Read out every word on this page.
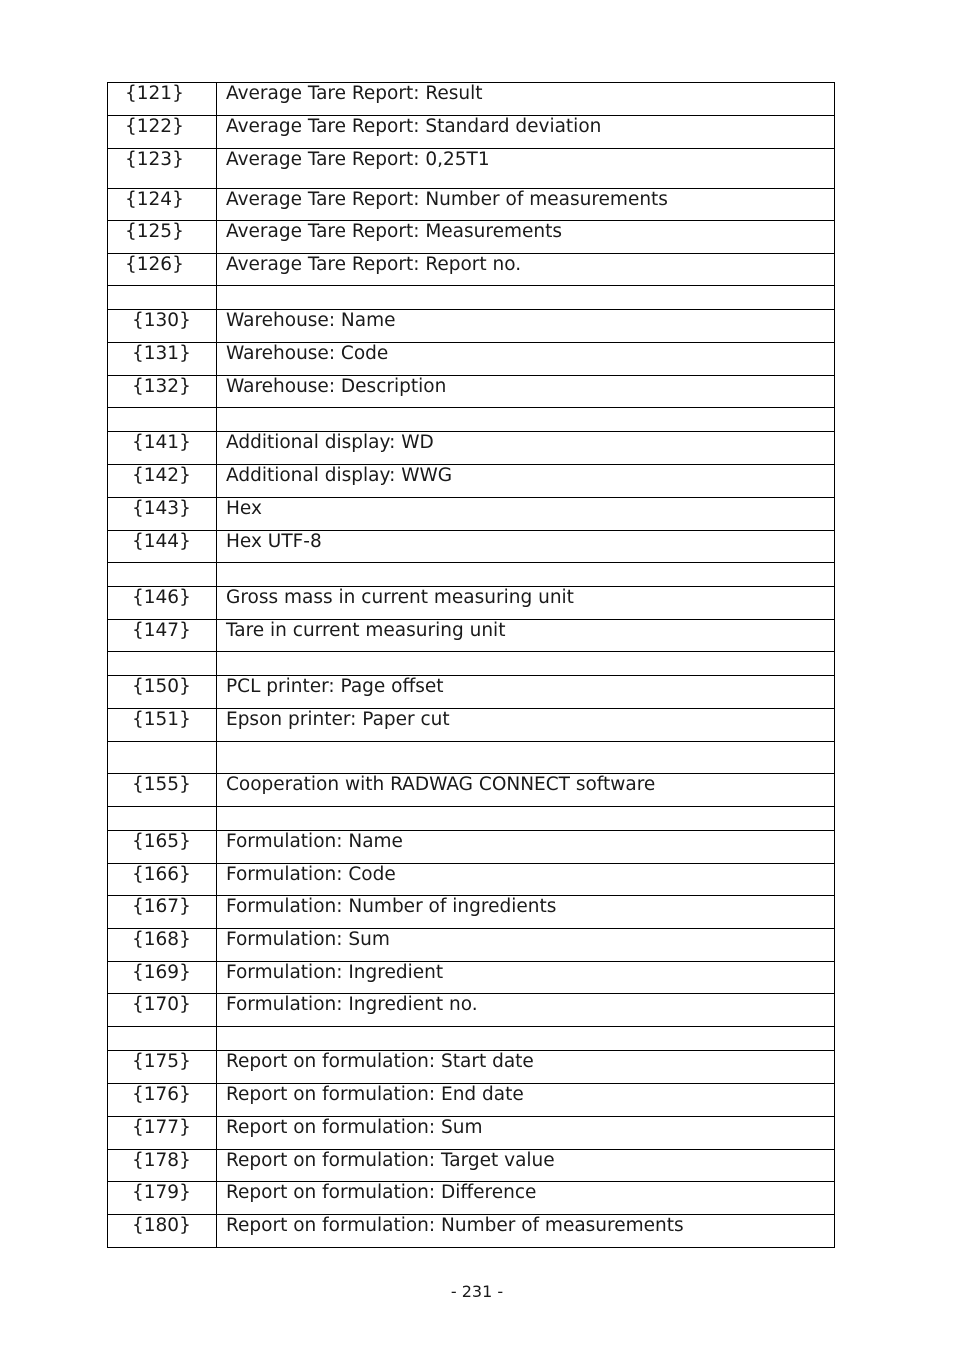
{121}	Average Tare Report: Result
{122}	Average Tare Report: Standard deviation
{123}	Average Tare Report: 0,25T1
{124}	Average Tare Report: Number of measurements
{125}	Average Tare Report: Measurements
{126}	Average Tare Report: Report no.

{130}	Warehouse: Name
{131}	Warehouse: Code
{132}	Warehouse: Description

{141}	Additional display: WD
{142}	Additional display: WWG
{143}	Hex
{144}	Hex UTF-8

{146}	Gross mass in current measuring unit
{147}	Tare in current measuring unit

{150}	PCL printer: Page offset
{151}	Epson printer: Paper cut

{155}	Cooperation with RADWAG CONNECT software

{165}	Formulation: Name
{166}	Formulation: Code
{167}	Formulation: Number of ingredients
{168}	Formulation: Sum
{169}	Formulation: Ingredient
{170}	Formulation: Ingredient no.

{175}	Report on formulation: Start date
{176}	Report on formulation: End date
{177}	Report on formulation: Sum
{178}	Report on formulation: Target value
{179}	Report on formulation: Difference
{180}	Report on formulation: Number of measurements
- 231 -
